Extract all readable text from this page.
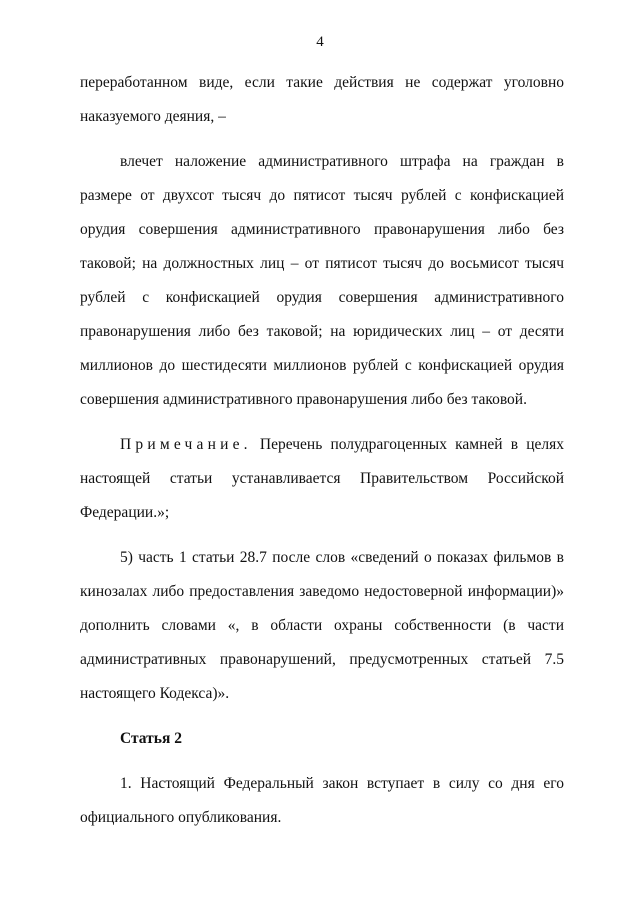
4

переработанном виде, если такие действия не содержат уголовно наказуемого деяния, –

влечет наложение административного штрафа на граждан в размере от двухсот тысяч до пятисот тысяч рублей с конфискацией орудия совершения административного правонарушения либо без таковой; на должностных лиц – от пятисот тысяч до восьмисот тысяч рублей с конфискацией орудия совершения административного правонарушения либо без таковой; на юридических лиц – от десяти миллионов до шестидесяти миллионов рублей с конфискацией орудия совершения административного правонарушения либо без таковой.

Примечание. Перечень полудрагоценных камней в целях настоящей статьи устанавливается Правительством Российской Федерации.»;

5) часть 1 статьи 28.7 после слов «сведений о показах фильмов в кинозалах либо предоставления заведомо недостоверной информации)» дополнить словами «, в области охраны собственности (в части административных правонарушений, предусмотренных статьей 7.5 настоящего Кодекса)».

Статья 2

1. Настоящий Федеральный закон вступает в силу со дня его официального опубликования.
